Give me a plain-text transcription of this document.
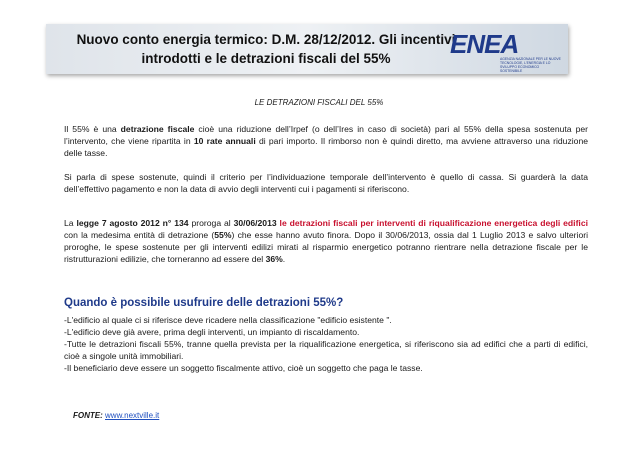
Nuovo conto energia termico: D.M. 28/12/2012. Gli incentivi
introdotti e le detrazioni fiscali del 55%	ENEA
AGENZIA NAZIONALE PER LE NUOVE TECNOLOGIE, L'ENERGIA E LO SVILUPPO ECONOMICO SOSTENIBILE
LE DETRAZIONI FISCALI DEL 55%
Il 55% è una detrazione fiscale cioè una riduzione dell’Irpef (o dell’Ires in caso di società) pari al 55% della spesa sostenuta per l’intervento, che viene ripartita in 10 rate annuali di pari importo. Il rimborso non è quindi diretto, ma avviene attraverso una riduzione delle tasse.
Si parla di spese sostenute, quindi il criterio per l’individuazione temporale dell’intervento è quello di cassa. Si guarderà la data dell’effettivo pagamento e non la data di avvio degli interventi cui i pagamenti si riferiscono.
La legge 7 agosto 2012 n° 134 proroga al 30/06/2013 le detrazioni fiscali per interventi di riqualificazione energetica degli edifici con la medesima entità di detrazione (55%) che esse hanno avuto finora. Dopo il 30/06/2013, ossia dal 1 Luglio 2013 e salvo ulteriori proroghe, le spese sostenute per gli interventi edilizi mirati al risparmio energetico potranno rientrare nella detrazione fiscale per le ristrutturazioni edilizie, che torneranno ad essere del 36%.
Quando è possibile usufruire delle detrazioni 55%?
-L'edificio al quale ci si riferisce deve ricadere nella classificazione "edificio esistente ".
-L'edificio deve già avere, prima degli interventi, un impianto di riscaldamento.
-Tutte le detrazioni fiscali 55%, tranne quella prevista per la riqualificazione energetica, si riferiscono sia ad edifici che a parti di edifici, cioè a singole unità immobiliari.
-Il beneficiario deve essere un soggetto fiscalmente attivo, cioè un soggetto che paga le tasse.
FONTE: www.nextville.it
